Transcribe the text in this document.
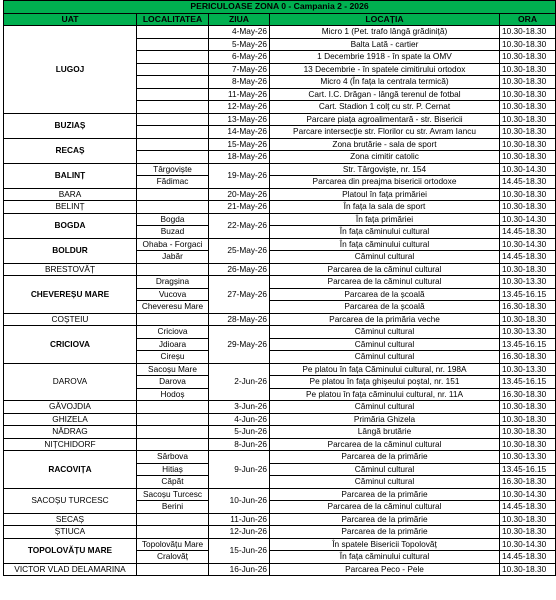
PERICULOASE ZONA 0 - Campania 2 - 2026				
UAT	LOCALITATEA	ZIUA	LOCAȚIA	ORA
LUGOJ		4-May-26	Micro 1 (Pet. trafo lângă grădiniță)	10.30-18.30
		5-May-26	Balta Lată - cartier	10.30-18.30
		6-May-26	1 Decembrie 1918 - în spate la OMV	10.30-18.30
		7-May-26	13 Decembrie - în spatele cimitirului ortodox	10.30-18.30
		8-May-26	Micro 4 (În fața la centrala termică)	10.30-18.30
		11-May-26	Cart. I.C. Drăgan - lângă terenul de fotbal	10.30-18.30
		12-May-26	Cart. Stadion 1 colț cu str. P. Cernat	10.30-18.30
BUZIAȘ		13-May-26	Parcare piața agroalimentară - str. Bisericii	10.30-18.30
		14-May-26	Parcare intersecție str. Florilor cu str. Avram Iancu	10.30-18.30
RECAȘ		15-May-26	Zona brutărie - sala de sport	10.30-18.30
		18-May-26	Zona cimitir catolic	10.30-18.30
BALINȚ	Târgoviște	19-May-26	Str. Târgoviște, nr. 154	10.30-14.30
	Fădimac		Parcarea din preajma bisericii ortodoxe	14.45-18.30
BARA		20-May-26	Platoul în fața primăriei	10.30-18.30
BELINȚ		21-May-26	În fața la sala de sport	10.30-18.30
BOGDA	Bogda	22-May-26	În fața primăriei	10.30-14.30
	Buzad		În fața căminului cultural	14.45-18.30
BOLDUR	Ohaba - Forgaci	25-May-26	În fața căminului cultural	10.30-14.30
	Jabăr		Căminul cultural	14.45-18.30
BRESTOVĂȚ		26-May-26	Parcarea de la căminul cultural	10.30-18.30
CHEVEREȘU MARE	Dragșina	27-May-26	Parcarea de la căminul cultural	10.30-13.30
	Vucova		Parcarea de la școală	13.45-16.15
	Cheveresu Mare		Parcarea de la școală	16.30-18.30
COȘTEIU		28-May-26	Parcarea de la primăria veche	10.30-18.30
CRICIOVA	Criciova	29-May-26	Căminul cultural	10.30-13.30
	Jdioara		Căminul cultural	13.45-16.15
	Cireșu		Căminul cultural	16.30-18.30
DAROVA	Sacoșu Mare	2-Jun-26	Pe platou în fața Căminului cultural, nr. 198A	10.30-13.30
	Darova		Pe platou în fața ghișeului poștal, nr. 151	13.45-16.15
	Hodoș		Pe platou în fața căminului cultural, nr. 11A	16.30-18.30
GĂVOJDIA		3-Jun-26	Căminul cultural	10.30-18.30
GHIZELA		4-Jun-26	Primăria Ghizela	10.30-18.30
NĂDRAG		5-Jun-26	Lângă brutărie	10.30-18.30
NIȚCHIDORF		8-Jun-26	Parcarea de la căminul cultural	10.30-18.30
RACOVIȚA	Sârbova	9-Jun-26	Parcarea de la primărie	10.30-13.30
	Hitiaș		Căminul cultural	13.45-16.15
	Căpăt		Căminul cultural	16.30-18.30
SACOȘU TURCESC	Sacoșu Turcesc	10-Jun-26	Parcarea de la primărie	10.30-14.30
	Berini		Parcarea de la căminul cultural	14.45-18.30
SECAȘ		11-Jun-26	Parcarea de la primărie	10.30-18.30
ȘTIUCA		12-Jun-26	Parcarea de la primărie	10.30-18.30
TOPOLOVĂȚU MARE	Topolovățu Mare	15-Jun-26	În spatele Bisericii Topolovăț	10.30-14.30
	Cralovăț		În fața căminului cultural	14.45-18.30
VICTOR VLAD DELAMARINA		16-Jun-26	Parcarea Peco - Pele	10.30-18.30
